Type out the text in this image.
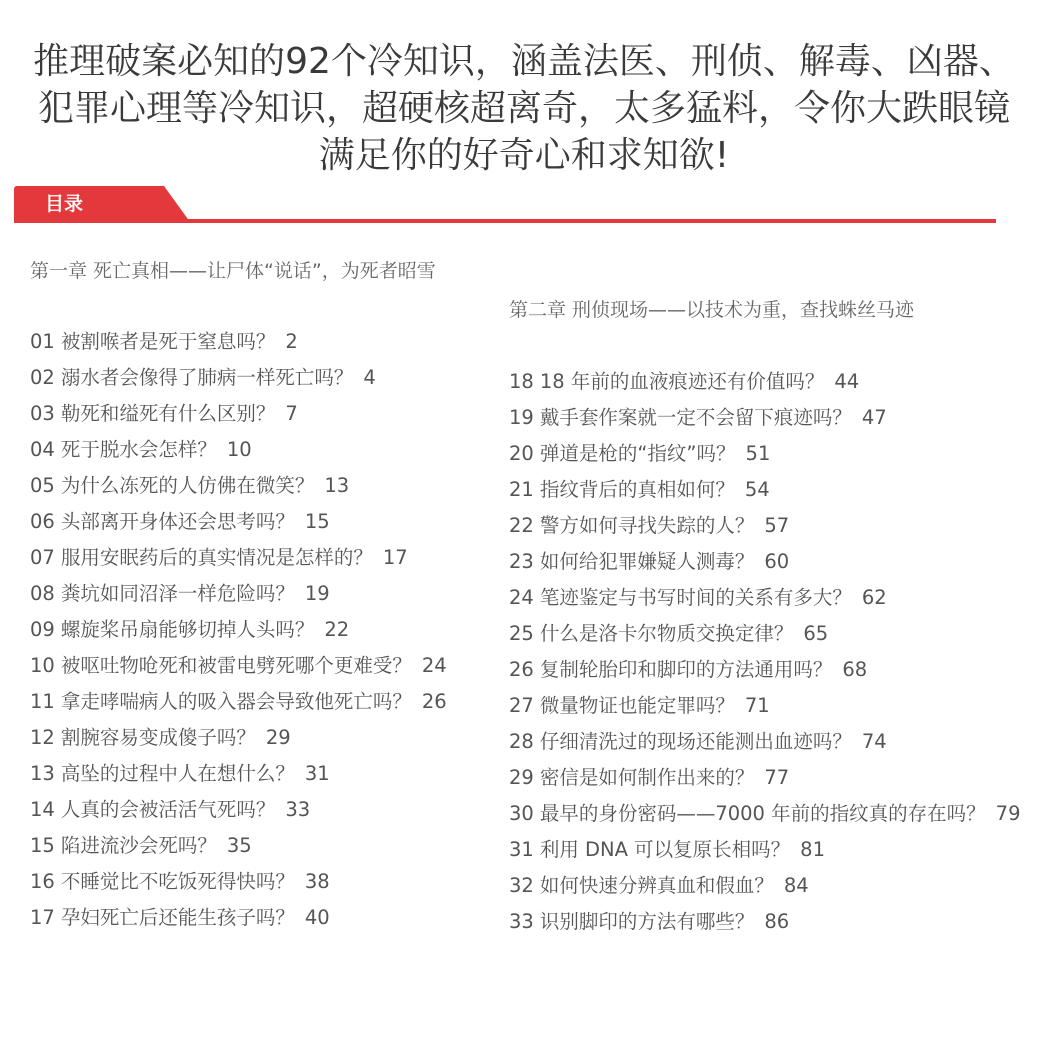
推理破案必知的92个冷知识，涵盖法医、刑侦、解毒、凶器、
犯罪心理等冷知识，超硬核超离奇，太多猛料，令你大跌眼镜
满足你的好奇心和求知欲!
目录
第一章 死亡真相——让尸体“说话”，为死者昭雪
01 被割喉者是死于窒息吗？ 2
02 溺水者会像得了肺病一样死亡吗？ 4
03 勒死和缢死有什么区别？ 7
04 死于脱水会怎样？ 10
05 为什么冻死的人仿佛在微笑？ 13
06 头部离开身体还会思考吗？ 15
07 服用安眠药后的真实情况是怎样的？ 17
08 粪坑如同沼泽一样危险吗？ 19
09 螺旋桨吊扇能够切掉人头吗？ 22
10 被呕吐物呛死和被雷电劈死哪个更难受？ 24
11 拿走哮喘病人的吸入器会导致他死亡吗？ 26
12 割腕容易变成傻子吗？ 29
13 高坠的过程中人在想什么？ 31
14 人真的会被活活气死吗？ 33
15 陷进流沙会死吗？ 35
16 不睡觉比不吃饭死得快吗？ 38
17 孕妇死亡后还能生孩子吗？ 40
第二章 刑侦现场——以技术为重，查找蛛丝马迹
18 18 年前的血液痕迹还有价值吗？ 44
19 戴手套作案就一定不会留下痕迹吗？ 47
20 弹道是枪的“指纹”吗？ 51
21 指纹背后的真相如何？ 54
22 警方如何寻找失踪的人？ 57
23 如何给犯罪嫌疑人测毒？ 60
24 笔迹鉴定与书写时间的关系有多大？ 62
25 什么是洛卡尔物质交换定律？ 65
26 复制轮胎印和脚印的方法通用吗？ 68
27 微量物证也能定罪吗？ 71
28 仔细清洗过的现场还能测出血迹吗？ 74
29 密信是如何制作出来的？ 77
30 最早的身份密码——7000 年前的指纹真的存在吗？ 79
31 利用 DNA 可以复原长相吗？ 81
32 如何快速分辨真血和假血？ 84
33 识别脚印的方法有哪些？ 86
